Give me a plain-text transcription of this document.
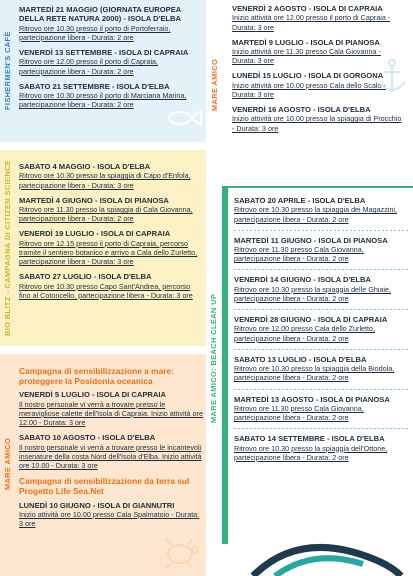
FISHERMEN'S CAFÈ
MARTEDÌ 21 MAGGIO (GIORNATA EUROPEA DELLA RETE NATURA 2000) - ISOLA D'ELBA
Ritrovo ore 10.30 presso il porto di Portoferraio, partecipazione libera - Durata: 2 ore
VENERDÌ 13 SETTEMBRE - ISOLA DI CAPRAIA
Ritrovo ore 12.00 presso il porto di Capraia, partecipazione libera - Durata: 2 ore
SABATO 21 SETTEMBRE - ISOLA D'ELBA
Ritrovo ore 10.30 presso il porto di Marciana Marina, partecipazione libera - Durata: 2 ore
BIO BLITZ - CAMPAGNA DI CITIZEN SCIENCE SABATO 4 MAGGIO - ISOLA D'ELBA
Ritrovo ore 10.30 presso la spiaggia di Capo d'Enfola, partecipazione libera - Durata: 3 ore
MARTEDÌ 4 GIUGNO - ISOLA DI PIANOSA
Ritrovo ore 11.30 presso la spiaggia di Cala Giovanna, partecipazione libera - Durata: 2 ore
VENERDÌ 19 LUGLIO - ISOLA DI CAPRAIA
Ritrovo ore 12.15 presso il porto di Capraia, percorso tramite il sentiero botanico e arrivo a Cala dello Zurletto, partecipazione libera - Durata: 3 ore
SABATO 27 LUGLIO - ISOLA D'ELBA
Ritrovo ore 10.30 presso Capo Sant'Andrea, percorso fino al Cotoncello, partecipazione libera - Durata: 3 ore
MARE AMICO
Campagna di sensibilizzazione a mare: proteggere la Posidonia oceanica
VENERDÌ 5 LUGLIO - ISOLA DI CAPRAIA
Il nostro personale vi verrà a trovare presso le meravigliose calette dell'Isola di Capraia. Inizio attività ore 12.00 - Durata: 3 ore
SABATO 10 AGOSTO - ISOLA D'ELBA
Il nostro personale vi verrà a trovare presso le incantevoli insenature della costa Nord dell'Isola d'Elba. Inizio attività ore 10.00 - Durata: 3 ore
Campagna di sensibilizzazione da terra sul Progetto Life Sea.Net
LUNEDÌ 10 GIUGNO - ISOLA DI GIANNUTRI
Inizio attività ore 10.00 presso Cala Spalmatoio - Durata: 3 ore
MARE AMICO
VENERDÌ 2 AGOSTO - ISOLA DI CAPRAIA
Inizio attività ore 12.00 presso il porto di Capraia - Durata: 3 ore
MARTEDÌ 9 LUGLIO - ISOLA DI PIANOSA
Inizio attività ore 11.30 presso Cala Giovanna - Durata: 3 ore
LUNEDÌ 15 LUGLIO - ISOLA DI GORGONA
Inizio attività ore 10.00 presso Cala dello Scalo - Durata: 3 ore
VENERDÌ 16 AGOSTO - ISOLA D'ELBA
Inizio attività ore 10.00 presso la spiaggia di Procchio - Durata: 3 ore
MARE AMICO: BEACH CLEAN UP
SABATO 20 APRILE - ISOLA D'ELBA
Ritrovo ore 10.30 presso la spiaggia dei Magazzini, partecipazione libera - Durata: 2 ore
MARTEDÌ 11 GIUGNO - ISOLA DI PIANOSA
Ritrovo ore 11.30 presso Cala Giovanna, partecipazione libera - Durata: 2 ore
VENERDÌ 14 GIUGNO - ISOLA D'ELBA
Ritrovo ore 10.30 presso la spiaggia delle Ghiaie, partecipazione libera - Durata: 2 ore
VENERDÌ 28 GIUGNO - ISOLA DI CAPRAIA
Ritrovo ore 12.00 presso Cala dello Zurletto, partecipazione libera - Durata: 2 ore
SABATO 13 LUGLIO - ISOLA D'ELBA
Ritrovo ore 10.30 presso la spiaggia della Biodola, partecipazione libera - Durata: 2 ore
MARTEDÌ 13 AGOSTO - ISOLA DI PIANOSA
Ritrovo ore 11.30 presso Cala Giovanna, partecipazione libera - Durata: 2 ore
SABATO 14 SETTEMBRE - ISOLA D'ELBA
Ritrovo ore 10.30 presso la spiaggia dell'Ottone, partecipazione libera - Durata: 2 ore
